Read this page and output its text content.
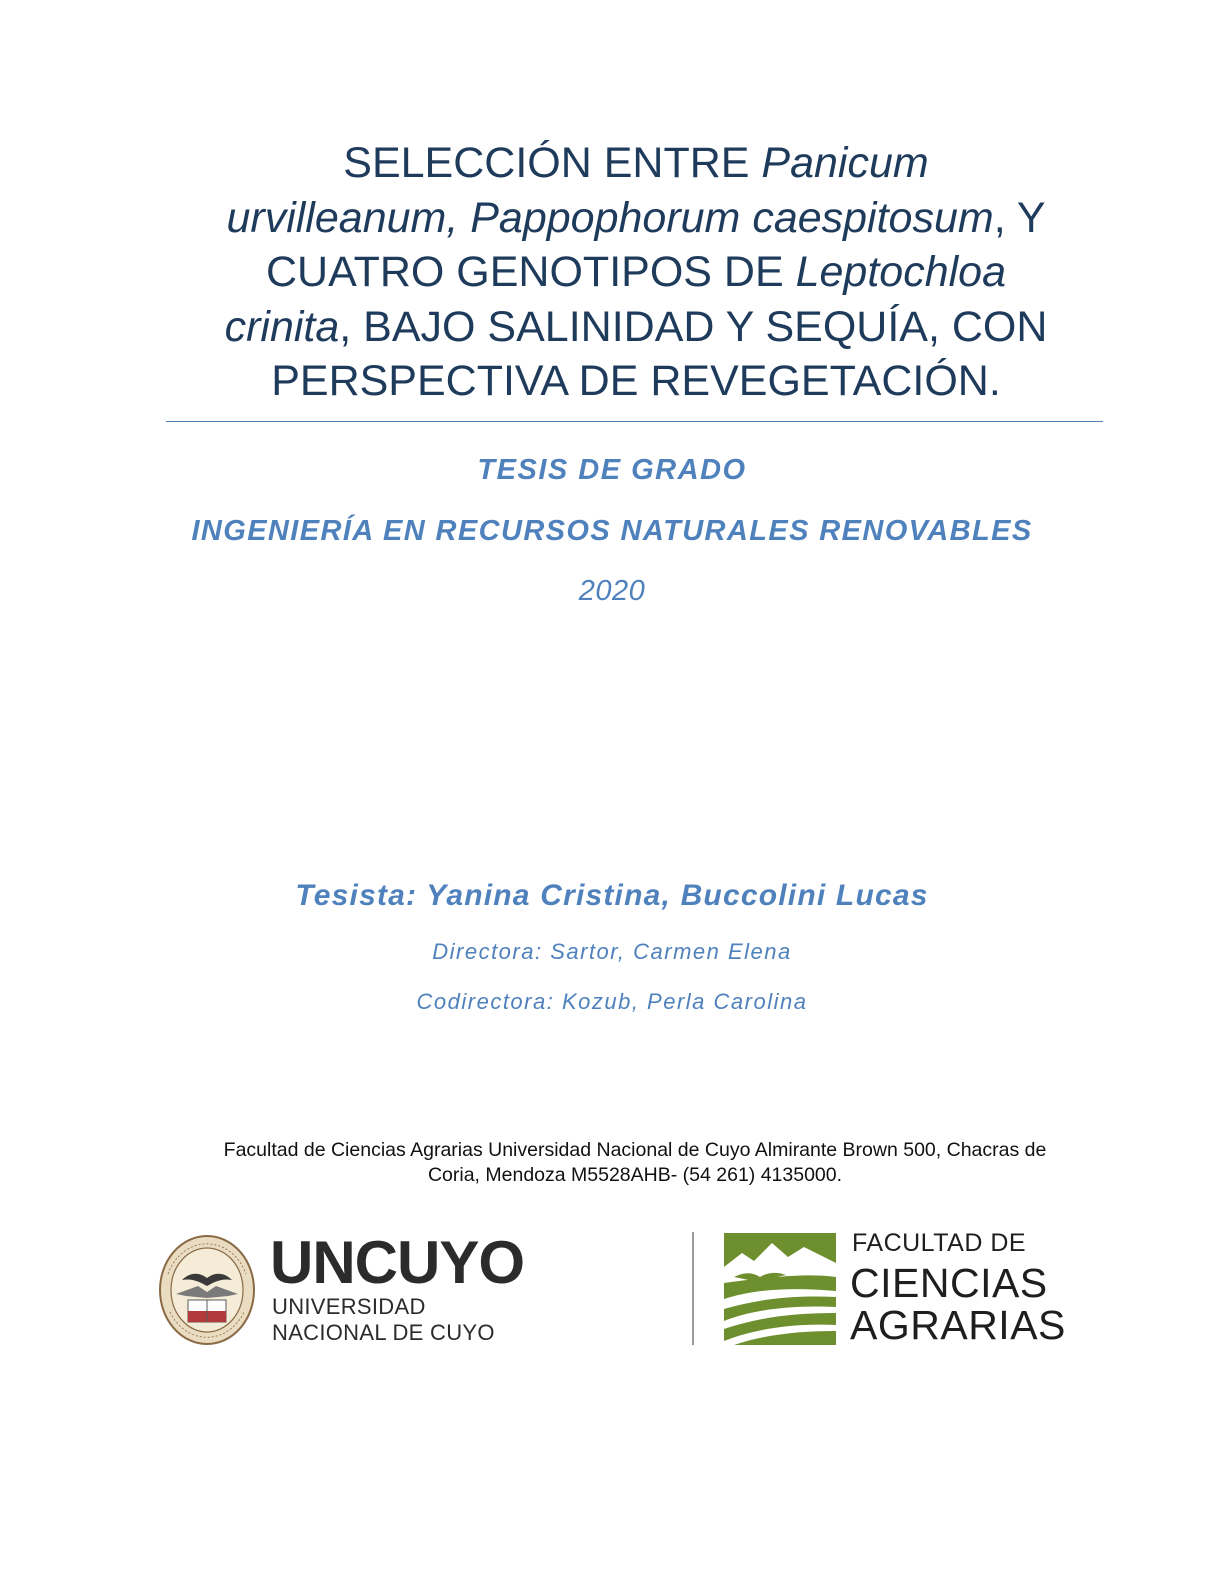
SELECCIÓN ENTRE Panicum
urvilleanum, Pappophorum caespitosum, Y
CUATRO GENOTIPOS DE Leptochloa
crinita, BAJO SALINIDAD Y SEQUÍA, CON
PERSPECTIVA DE REVEGETACIÓN.

TESIS DE GRADO

INGENIERÍA EN RECURSOS NATURALES RENOVABLES

2020

Tesista: Yanina Cristina, Buccolini Lucas

Directora: Sartor, Carmen Elena

Codirectora: Kozub, Perla Carolina

Facultad de Ciencias Agrarias Universidad Nacional de Cuyo Almirante Brown 500, Chacras de
Coria, Mendoza M5528AHB- (54 261) 4135000.

UNCUYO
UNIVERSIDAD
NACIONAL DE CUYO
FACULTAD DE
CIENCIAS
AGRARIAS
